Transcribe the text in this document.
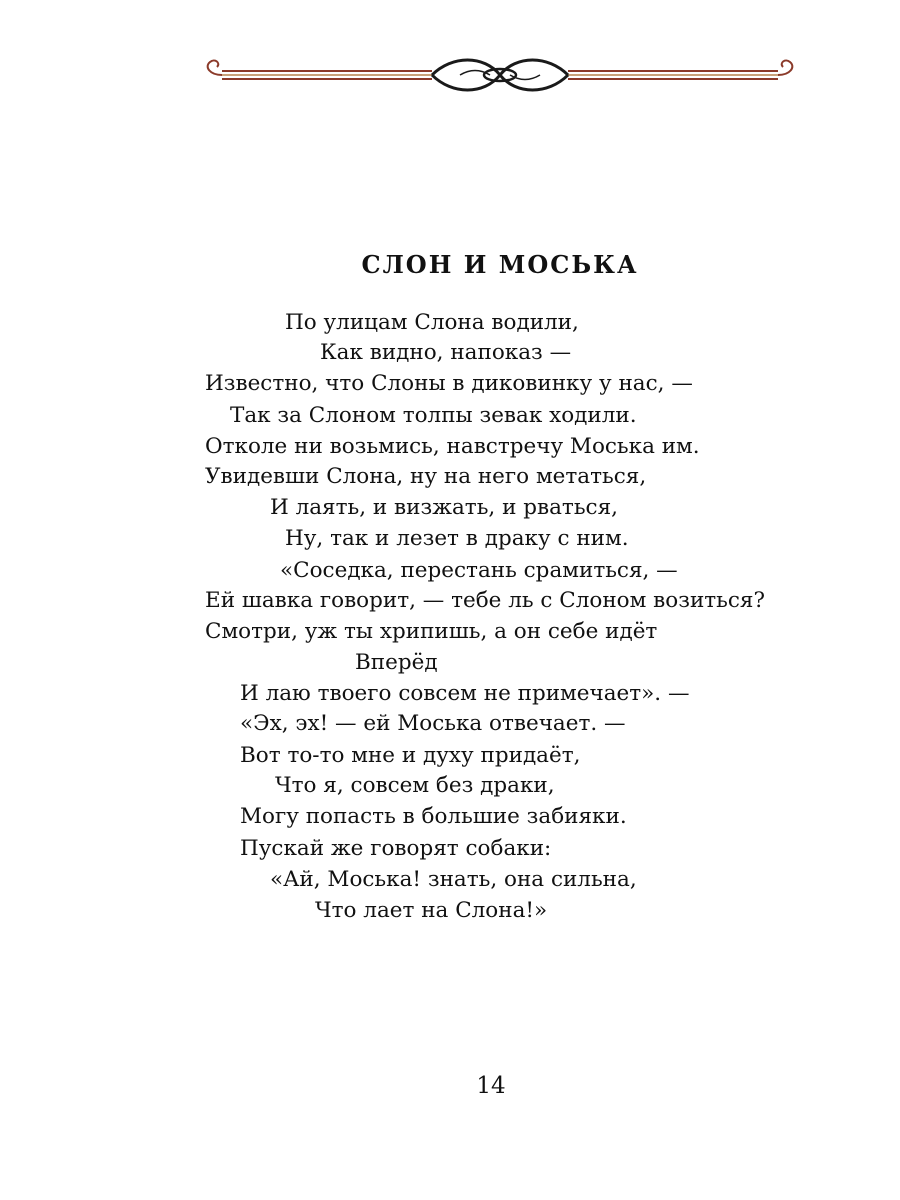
СЛОН И МОСЬКА
По улицам Слона водили,
Как видно, напоказ —
Известно, что Слоны в диковинку у нас, —
Так за Слоном толпы зевак ходили.
Отколе ни возьмись, навстречу Моська им.
Увидевши Слона, ну на него метаться,
И лаять, и визжать, и рваться,
Ну, так и лезет в драку с ним.
«Соседка, перестань срамиться, —
Ей шавка говорит, — тебе ль с Слоном возиться?
Смотри, уж ты хрипишь, а он себе идёт
Вперёд
И лаю твоего совсем не примечает». —
«Эх, эх! — ей Моська отвечает. —
Вот то-то мне и духу придаёт,
Что я, совсем без драки,
Могу попасть в большие забияки.
Пускай же говорят собаки:
«Ай, Моська! знать, она сильна,
Что лает на Слона!»
14
